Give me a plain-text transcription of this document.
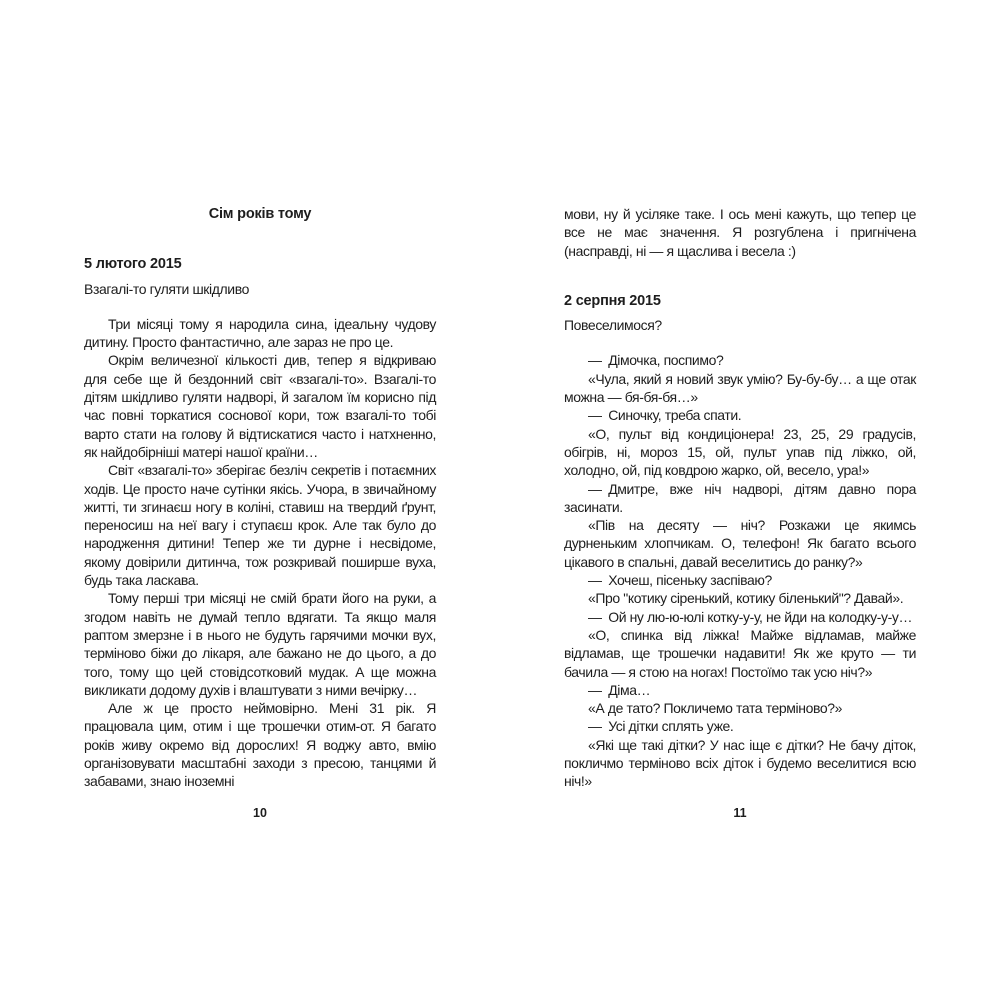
Сім років тому
5 лютого 2015

Взагалі-то гуляти шкідливо

Три місяці тому я народила сина, ідеальну чудову дитину. Просто фантастично, але зараз не про це.

Окрім величезної кількості див, тепер я відкриваю для себе ще й бездонний світ «взагалі-то». Взагалі-то дітям шкідливо гуляти надворі, й загалом їм корисно під час повні торкатися соснової кори, тож взагалі-то тобі варто стати на голову й відтискатися часто і натхненно, як найдобірніші матері нашої країни…

Світ «взагалі-то» зберігає безліч секретів і потаємних ходів. Це просто наче сутінки якісь. Учора, в звичайному житті, ти згинаєш ногу в коліні, ставиш на твердий ґрунт, переносиш на неї вагу і ступаєш крок. Але так було до народження дитини! Тепер же ти дурне і несвідоме, якому довірили дитинча, тож розкривай поширше вуха, будь така ласкава.

Тому перші три місяці не смій брати його на руки, а згодом навіть не думай тепло вдягати. Та якщо маля раптом змерзне і в нього не будуть гарячими мочки вух, терміново біжи до лікаря, але бажано не до цього, а до того, тому що цей стовідсотковий мудак. А ще можна викликати додому духів і влаштувати з ними вечірку…

Але ж це просто неймовірно. Мені 31 рік. Я працювала цим, отим і ще трошечки отим-от. Я багато років живу окремо від дорослих! Я воджу авто, вмію організовувати масштабні заходи з пресою, танцями й забавами, знаю іноземні

10

мови, ну й усіляке таке. І ось мені кажуть, що тепер це все не має значення. Я розгублена і пригнічена (насправді, ні — я щаслива і весела :)

2 серпня 2015

Повеселимося?

— Дімочка, поспимо?

«Чула, який я новий звук умію? Бу-бу-бу… а ще отак можна — бя-бя-бя…»

— Синочку, треба спати.

«О, пульт від кондиціонера! 23, 25, 29 градусів, обігрів, ні, мороз 15, ой, пульт упав під ліжко, ой, холодно, ой, під ковдрою жарко, ой, весело, ура!»

— Дмитре, вже ніч надворі, дітям давно пора засинати.

«Пів на десяту — ніч? Розкажи це якимсь дурненьким хлопчикам. О, телефон! Як багато всього цікавого в спальні, давай веселитись до ранку?»

— Хочеш, пісеньку заспіваю?

«Про "котику сіренький, котику біленький"? Давай».

— Ой ну лю-ю-юлі котку-у-у, не йди на колодку-у-у…

«О, спинка від ліжка! Майже відламав, майже відламав, ще трошечки надавити! Як же круто — ти бачила — я стою на ногах! Постоїмо так усю ніч?»

— Діма…

«А де тато? Покличемо тата терміново?»

— Усі дітки сплять уже.

«Які ще такі дітки? У нас іще є дітки? Не бачу діток, покличмо терміново всіх діток і будемо веселитися всю ніч!»

11
